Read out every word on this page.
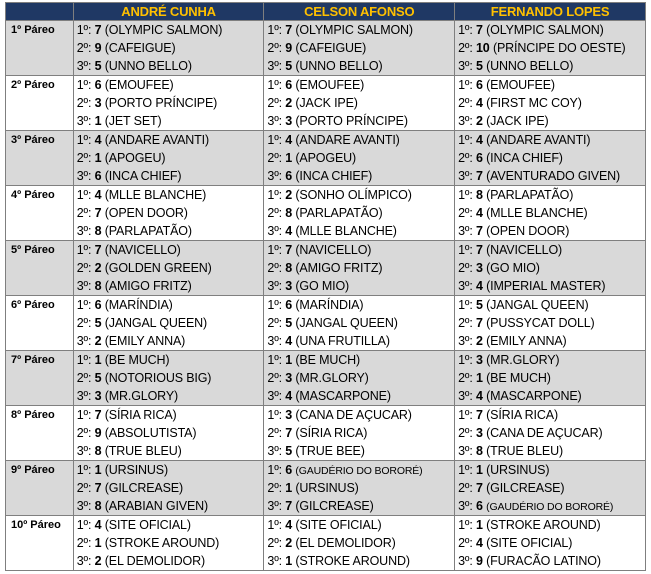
	ANDRÉ CUNHA	CELSON AFONSO	FERNANDO LOPES

1º Páreo	1º: 7 (OLYMPIC SALMON)
2º: 9 (CAFEIGUE)
3º: 5 (UNNO BELLO)	1º: 7 (OLYMPIC SALMON)
2º: 9 (CAFEIGUE)
3º: 5 (UNNO BELLO)	1º: 7 (OLYMPIC SALMON)
2º: 10 (PRÍNCIPE DO OESTE)
3º: 5 (UNNO BELLO)

2º Páreo	1º: 6 (EMOUFEE)
2º: 3 (PORTO PRÍNCIPE)
3º: 1 (JET SET)	1º: 6 (EMOUFEE)
2º: 2 (JACK IPE)
3º: 3 (PORTO PRÍNCIPE)	1º: 6 (EMOUFEE)
2º: 4 (FIRST MC COY)
3º: 2 (JACK IPE)

3º Páreo	1º: 4 (ANDARE AVANTI)
2º: 1 (APOGEU)
3º: 6 (INCA CHIEF)	1º: 4 (ANDARE AVANTI)
2º: 1 (APOGEU)
3º: 6 (INCA CHIEF)	1º: 4 (ANDARE AVANTI)
2º: 6 (INCA CHIEF)
3º: 7 (AVENTURADO GIVEN)

4º Páreo	1º: 4 (MLLE BLANCHE)
2º: 7 (OPEN DOOR)
3º: 8 (PARLAPATÃO)	1º: 2 (SONHO OLÍMPICO)
2º: 8 (PARLAPATÃO)
3º: 4 (MLLE BLANCHE)	1º: 8 (PARLAPATÃO)
2º: 4 (MLLE BLANCHE)
3º: 7 (OPEN DOOR)

5º Páreo	1º: 7 (NAVICELLO)
2º: 2 (GOLDEN GREEN)
3º: 8 (AMIGO FRITZ)	1º: 7 (NAVICELLO)
2º: 8 (AMIGO FRITZ)
3º: 3 (GO MIO)	1º: 7 (NAVICELLO)
2º: 3 (GO MIO)
3º: 4 (IMPERIAL MASTER)

6º Páreo	1º: 6 (MARÍNDIA)
2º: 5 (JANGAL QUEEN)
3º: 2 (EMILY ANNA)	1º: 6 (MARÍNDIA)
2º: 5 (JANGAL QUEEN)
3º: 4 (UNA FRUTILLA)	1º: 5 (JANGAL QUEEN)
2º: 7 (PUSSYCAT DOLL)
3º: 2 (EMILY ANNA)

7º Páreo	1º: 1 (BE MUCH)
2º: 5 (NOTORIOUS BIG)
3º: 3 (MR.GLORY)	1º: 1 (BE MUCH)
2º: 3 (MR.GLORY)
3º: 4 (MASCARPONE)	1º: 3 (MR.GLORY)
2º: 1 (BE MUCH)
3º: 4 (MASCARPONE)

8º Páreo	1º: 7 (SÍRIA RICA)
2º: 9 (ABSOLUTISTA)
3º: 8 (TRUE BLEU)	1º: 3 (CANA DE AÇUCAR)
2º: 7 (SÍRIA RICA)
3º: 5 (TRUE BEE)	1º: 7 (SÍRIA RICA)
2º: 3 (CANA DE AÇUCAR)
3º: 8 (TRUE BLEU)

9º Páreo	1º: 1 (URSINUS)
2º: 7 (GILCREASE)
3º: 8 (ARABIAN GIVEN)	1º: 6 (GAUDÉRIO DO BORORÉ)
2º: 1 (URSINUS)
3º: 7 (GILCREASE)	1º: 1 (URSINUS)
2º: 7 (GILCREASE)
3º: 6 (GAUDÉRIO DO BORORÉ)

10º Páreo	1º: 4 (SITE OFICIAL)
2º: 1 (STROKE AROUND)
3º: 2 (EL DEMOLIDOR)	1º: 4 (SITE OFICIAL)
2º: 2 (EL DEMOLIDOR)
3º: 1 (STROKE AROUND)	1º: 1 (STROKE AROUND)
2º: 4 (SITE OFICIAL)
3º: 9 (FURACÃO LATINO)
